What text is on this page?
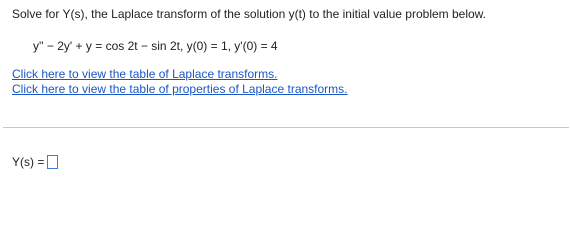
Solve for Y(s), the Laplace transform of the solution y(t) to the initial value problem below.
y'' − 2y' + y = cos 2t − sin 2t, y(0) = 1, y'(0) = 4
Click here to view the table of Laplace transforms.
Click here to view the table of properties of Laplace transforms.
Y(s) =
